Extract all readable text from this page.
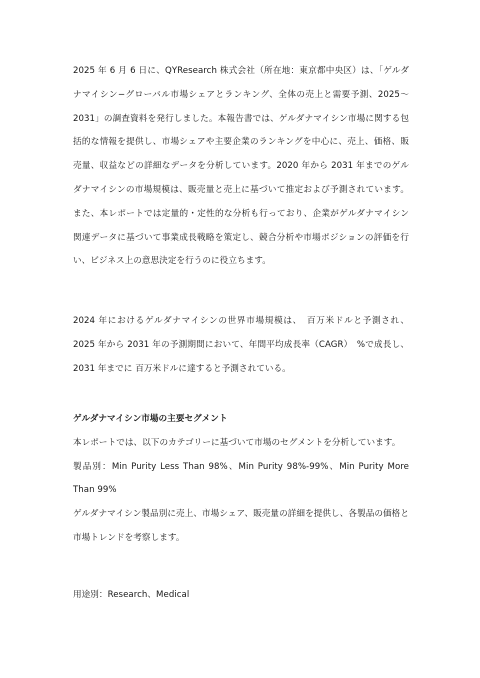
2025 年 6 月 6 日に、QYResearch 株式会社（所在地：東京都中央区）は、「ゲルダナマイシン−グローバル市場シェアとランキング、全体の売上と需要予測、2025〜2031」の調査資料を発行しました。本報告書では、ゲルダナマイシン市場に関する包括的な情報を提供し、市場シェアや主要企業のランキングを中心に、売上、価格、販売量、収益などの詳細なデータを分析しています。2020 年から 2031 年までのゲルダナマイシンの市場規模は、販売量と売上に基づいて推定および予測されています。また、本レポートでは定量的・定性的な分析も行っており、企業がゲルダナマイシン関連データに基づいて事業成長戦略を策定し、競合分析や市場ポジションの評価を行い、ビジネス上の意思決定を行うのに役立ちます。

2024 年におけるゲルダナマイシンの世界市場規模は、　百万米ドルと予測され、2025 年から 2031 年の予測期間において、年間平均成長率（CAGR）　%で成長し、2031 年までに 百万米ドルに達すると予測されている。

ゲルダナマイシン市場の主要セグメント

本レポートでは、以下のカテゴリーに基づいて市場のセグメントを分析しています。

製品別：Min Purity Less Than 98%、Min Purity 98%-99%、Min Purity More Than 99%

ゲルダナマイシン製品別に売上、市場シェア、販売量の詳細を提供し、各製品の価格と市場トレンドを考察します。

用途別：Research、Medical
